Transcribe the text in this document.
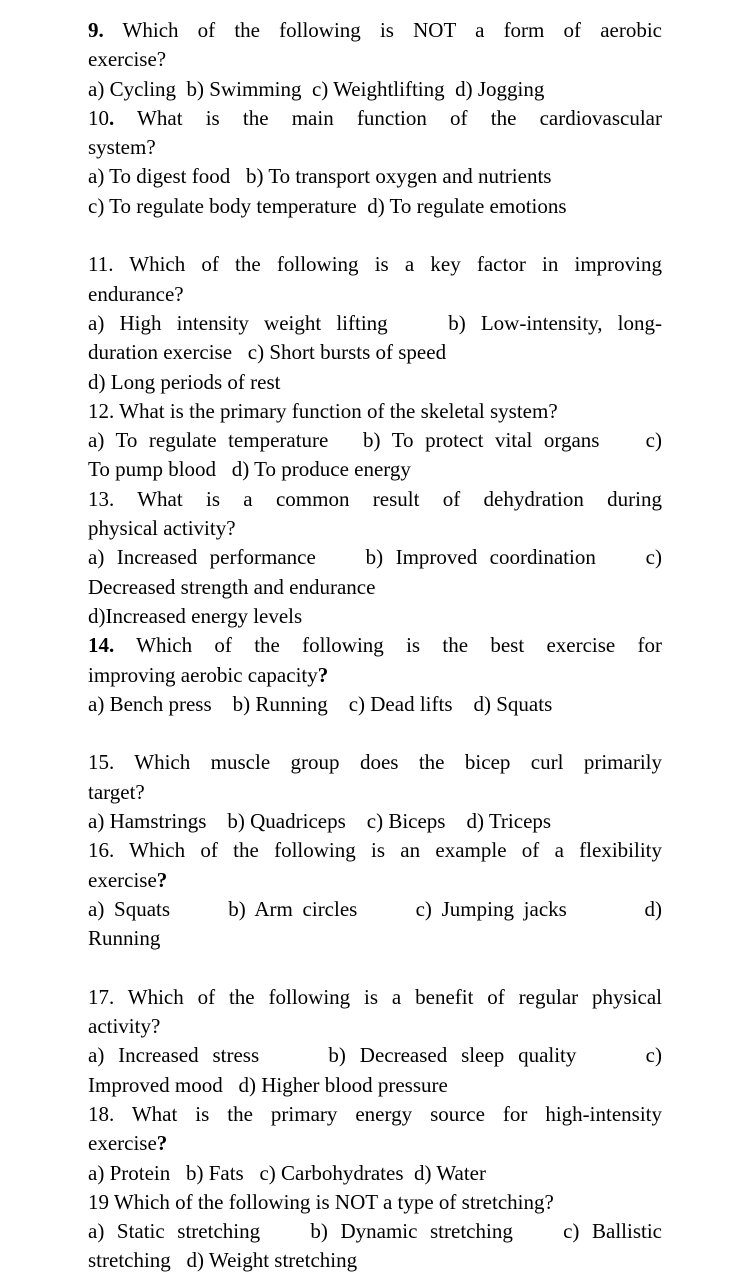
9. Which of the following is NOT a form of aerobic
exercise?
a) Cycling  b) Swimming  c) Weightlifting  d) Jogging
10. What is the main function of the cardiovascular
system?
a) To digest food   b) To transport oxygen and nutrients
c) To regulate body temperature  d) To regulate emotions

11. Which of the following is a key factor in improving
endurance?
a) High intensity weight lifting    b) Low-intensity, long-
duration exercise   c) Short bursts of speed
d) Long periods of rest
12. What is the primary function of the skeletal system?
a) To regulate temperature   b) To protect vital organs    c)
To pump blood   d) To produce energy
13. What is a common result of dehydration during
physical activity?
a) Increased performance    b) Improved coordination    c)
Decreased strength and endurance
d)Increased energy levels
14. Which of the following is the best exercise for
improving aerobic capacity?
a) Bench press    b) Running    c) Dead lifts    d) Squats

15. Which muscle group does the bicep curl primarily
target?
a) Hamstrings    b) Quadriceps    c) Biceps    d) Triceps
16. Which of the following is an example of a flexibility
exercise?
a) Squats      b) Arm circles      c) Jumping jacks        d)
Running

17. Which of the following is a benefit of regular physical
activity?
a) Increased stress     b) Decreased sleep quality     c)
Improved mood   d) Higher blood pressure
18. What is the primary energy source for high-intensity
exercise?
a) Protein   b) Fats   c) Carbohydrates  d) Water
19 Which of the following is NOT a type of stretching?
a) Static stretching    b) Dynamic stretching    c) Ballistic
stretching   d) Weight stretching
